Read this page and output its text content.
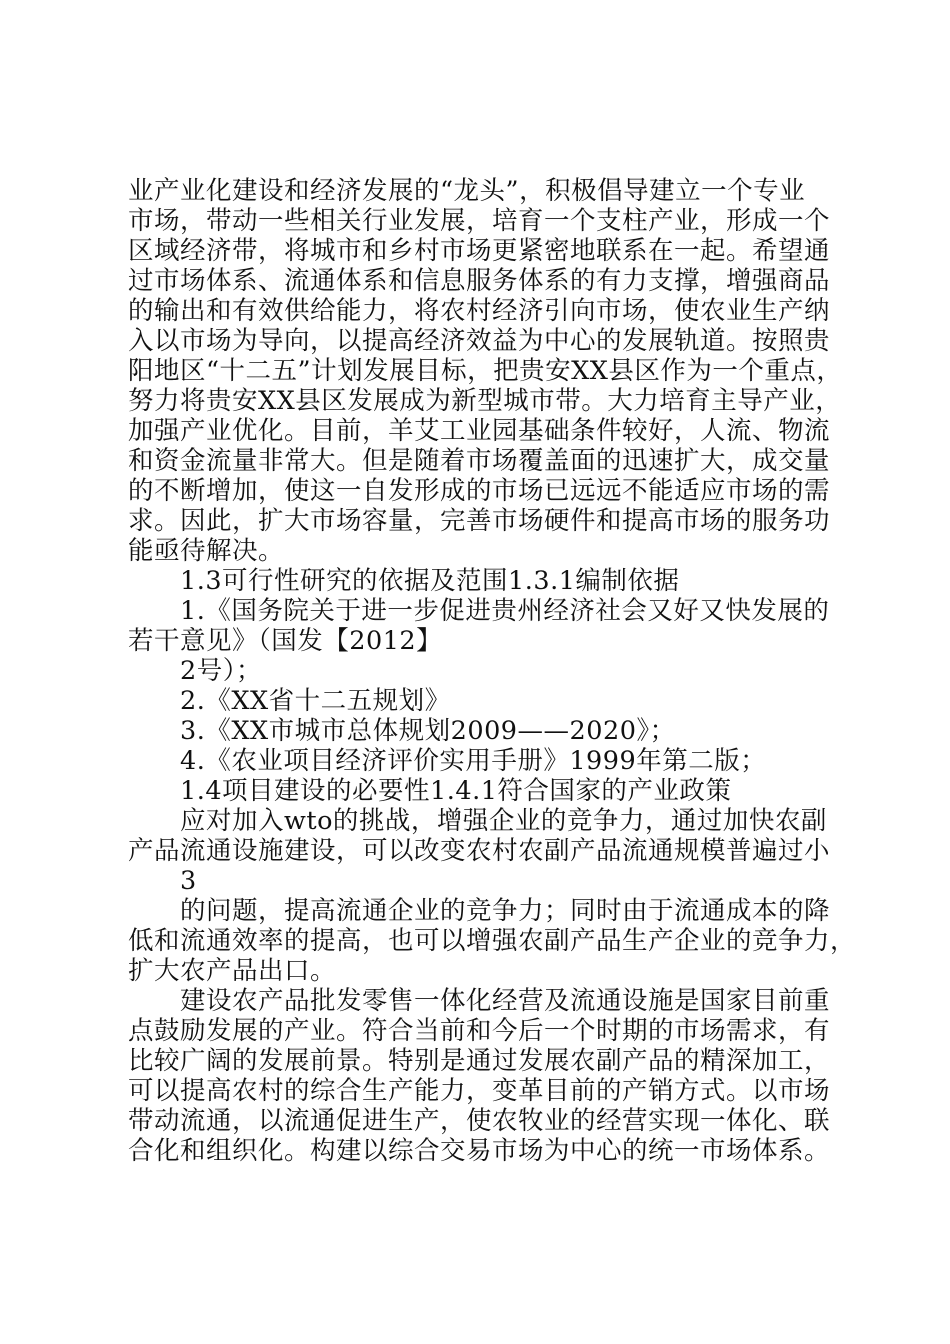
业产业化建设和经济发展的“龙头”，积极倡导建立一个专业
市场，带动一些相关行业发展，培育一个支柱产业，形成一个
区域经济带，将城市和乡村市场更紧密地联系在一起。希望通
过市场体系、流通体系和信息服务体系的有力支撑，增强商品
的输出和有效供给能力，将农村经济引向市场，使农业生产纳
入以市场为导向，以提高经济效益为中心的发展轨道。按照贵
阳地区“十二五”计划发展目标，把贵安XX县区作为一个重点，
努力将贵安XX县区发展成为新型城市带。大力培育主导产业，
加强产业优化。目前，羊艾工业园基础条件较好，人流、物流
和资金流量非常大。但是随着市场覆盖面的迅速扩大，成交量
的不断增加，使这一自发形成的市场已远远不能适应市场的需
求。因此，扩大市场容量，完善市场硬件和提高市场的服务功
能亟待解决。
1.3可行性研究的依据及范围1.3.1编制依据
1.《国务院关于进一步促进贵州经济社会又好又快发展的
若干意见》（国发【2012】
2号）；
2.《XX省十二五规划》
3.《XX市城市总体规划2009——2020》；
4.《农业项目经济评价实用手册》1999年第二版；
1.4项目建设的必要性1.4.1符合国家的产业政策
应对加入wto的挑战，增强企业的竞争力，通过加快农副
产品流通设施建设，可以改变农村农副产品流通规模普遍过小
3
的问题，提高流通企业的竞争力；同时由于流通成本的降
低和流通效率的提高，也可以增强农副产品生产企业的竞争力，
扩大农产品出口。
建设农产品批发零售一体化经营及流通设施是国家目前重
点鼓励发展的产业。符合当前和今后一个时期的市场需求，有
比较广阔的发展前景。特别是通过发展农副产品的精深加工，
可以提高农村的综合生产能力，变革目前的产销方式。以市场
带动流通，以流通促进生产，使农牧业的经营实现一体化、联
合化和组织化。构建以综合交易市场为中心的统一市场体系。
